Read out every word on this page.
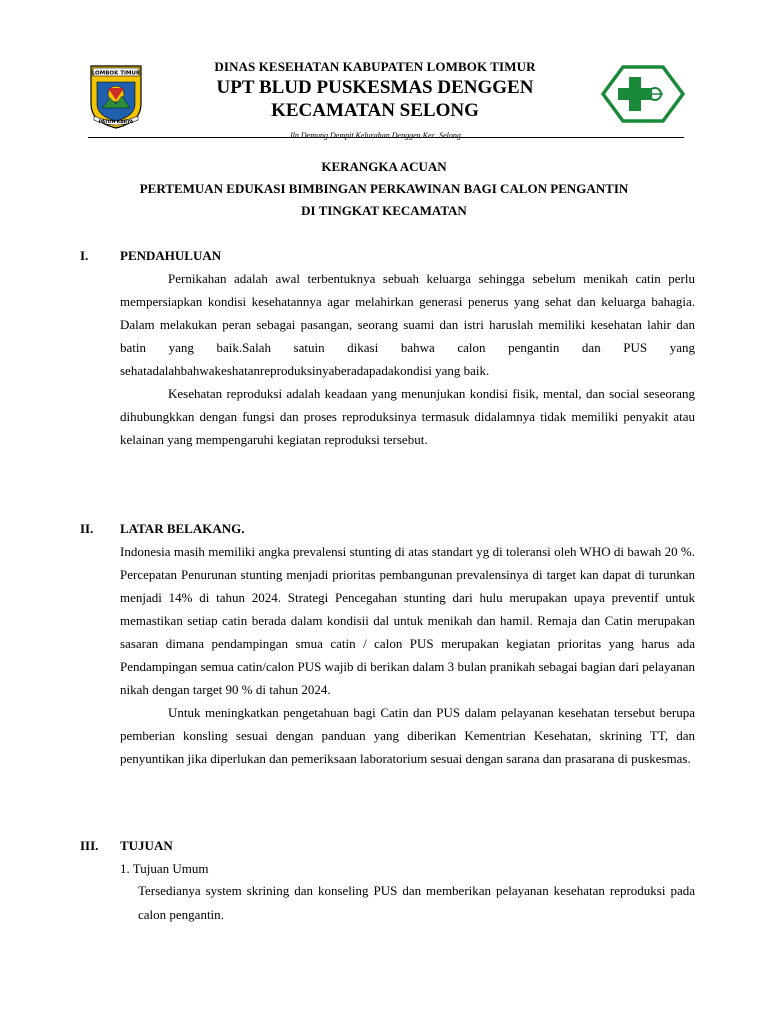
LOMBOK TIMUR
PATUH KARYA
DINAS KESEHATAN KABUPATEN LOMBOK TIMUR
UPT BLUD PUSKESMAS DENGGEN
KECAMATAN SELONG
Jln.Demung Dempit Kelurahan Denggen Kec. Selong
KERANGKA ACUAN
PERTEMUAN EDUKASI BIMBINGAN PERKAWINAN BAGI CALON PENGANTIN
DI TINGKAT KECAMATAN
I. PENDAHULUAN

Pernikahan adalah awal terbentuknya sebuah keluarga sehingga sebelum menikah catin perlu mempersiapkan kondisi kesehatannya agar melahirkan generasi penerus yang sehat dan keluarga bahagia. Dalam melakukan peran sebagai pasangan, seorang suami dan istri haruslah memiliki kesehatan lahir dan batin yang baik.Salah satuin dikasi bahwa calon pengantin dan PUS yang sehatadalahbahwakeshatanreproduksinyaberadapadakondisi yang baik.

Kesehatan reproduksi adalah keadaan yang menunjukan kondisi fisik, mental, dan social seseorang dihubungkkan dengan fungsi dan proses reproduksinya termasuk didalamnya tidak memiliki penyakit atau kelainan yang mempengaruhi kegiatan reproduksi tersebut.

II. LATAR BELAKANG.

Indonesia masih memiliki angka prevalensi stunting di atas standart yg di toleransi oleh WHO di bawah 20 %. Percepatan Penurunan stunting menjadi prioritas pembangunan prevalensinya di target kan dapat di turunkan menjadi 14% di tahun 2024. Strategi Pencegahan stunting dari hulu merupakan upaya preventif untuk memastikan setiap catin berada dalam kondisii dal untuk menikah dan hamil. Remaja dan Catin merupakan sasaran dimana pendampingan smua catin / calon PUS merupakan kegiatan prioritas yang harus ada Pendampingan semua catin/calon PUS wajib di berikan dalam 3 bulan pranikah sebagai bagian dari pelayanan nikah dengan target 90 % di tahun 2024.

Untuk meningkatkan pengetahuan bagi Catin dan PUS dalam pelayanan kesehatan tersebut berupa pemberian konsling sesuai dengan panduan yang diberikan Kementrian Kesehatan, skrining TT, dan penyuntikan jika diperlukan dan pemeriksaan laboratorium sesuai dengan sarana dan prasarana di puskesmas.

III. TUJUAN
1. Tujuan Umum

Tersedianya system skrining dan konseling PUS dan memberikan pelayanan kesehatan reproduksi pada calon pengantin.
